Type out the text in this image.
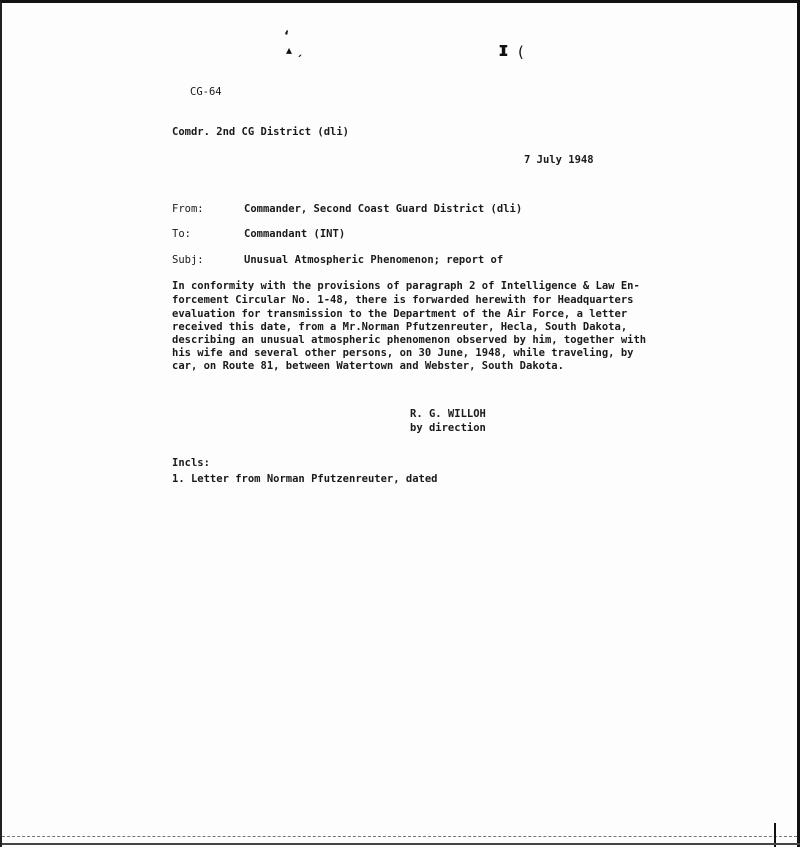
ʻ
▴ ˏ	ɪ (
CG-64
Comdr. 2nd CG District (dli)
7 July 1948
From:	Commander, Second Coast Guard District (dli)
To:	Commandant (INT)
Subj:	Unusual Atmospheric Phenomenon; report of
In conformity with the provisions of paragraph 2 of Intelligence & Law En-
forcement Circular No. 1-48, there is forwarded herewith for Headquarters
evaluation for transmission to the Department of the Air Force, a letter
received this date, from a Mr.Norman Pfutzenreuter, Hecla, South Dakota,
describing an unusual atmospheric phenomenon observed by him, together with
his wife and several other persons, on 30 June, 1948, while traveling, by
car, on Route 81, between Watertown and Webster, South Dakota.
R. G. WILLOH
by direction
Incls:
1. Letter from Norman Pfutzenreuter, dated
